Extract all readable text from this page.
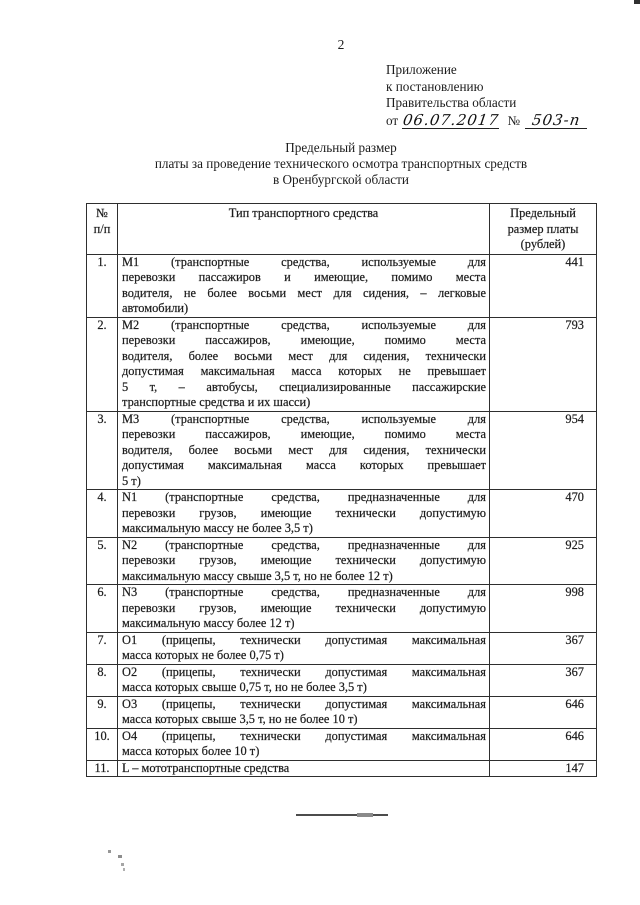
2
Приложение
к постановлению
Правительства области
от 06.07.2017 № 503-п
Предельный размер
платы за проведение технического осмотра транспортных средств
в Оренбургской области
№
п/п	Тип транспортного средства	Предельный размер платы (рублей)
1.	М1 (транспортные средства, используемые для
перевозки пассажиров и имеющие, помимо места
водителя, не более восьми мест для сидения, – легковые
автомобили)	441
2.	М2 (транспортные средства, используемые для
перевозки пассажиров, имеющие, помимо места
водителя, более восьми мест для сидения, технически
допустимая максимальная масса которых не превышает
5 т, – автобусы, специализированные пассажирские
транспортные средства и их шасси)
	793
3.	М3 (транспортные средства, используемые для
перевозки пассажиров, имеющие, помимо места
водителя, более восьми мест для сидения, технически
допустимая максимальная масса которых превышает
5 т)	954
4.	N1 (транспортные средства, предназначенные для
перевозки грузов, имеющие технически допустимую
максимальную массу не более 3,5 т)	470
5.	N2 (транспортные средства, предназначенные для
перевозки грузов, имеющие технически допустимую
максимальную массу свыше 3,5 т, но не более 12 т)	925
6.	N3 (транспортные средства, предназначенные для
перевозки грузов, имеющие технически допустимую
максимальную массу более 12 т)	998
7.	О1 (прицепы, технически допустимая максимальная
масса которых не более 0,75 т)	367
8.	О2 (прицепы, технически допустимая максимальная
масса которых свыше 0,75 т, но не более 3,5 т)	367
9.	О3 (прицепы, технически допустимая максимальная
масса которых свыше 3,5 т, но не более 10 т)	646
10.	О4 (прицепы, технически допустимая максимальная
масса которых более 10 т)	646
11.	L – мототранспортные средства	147
